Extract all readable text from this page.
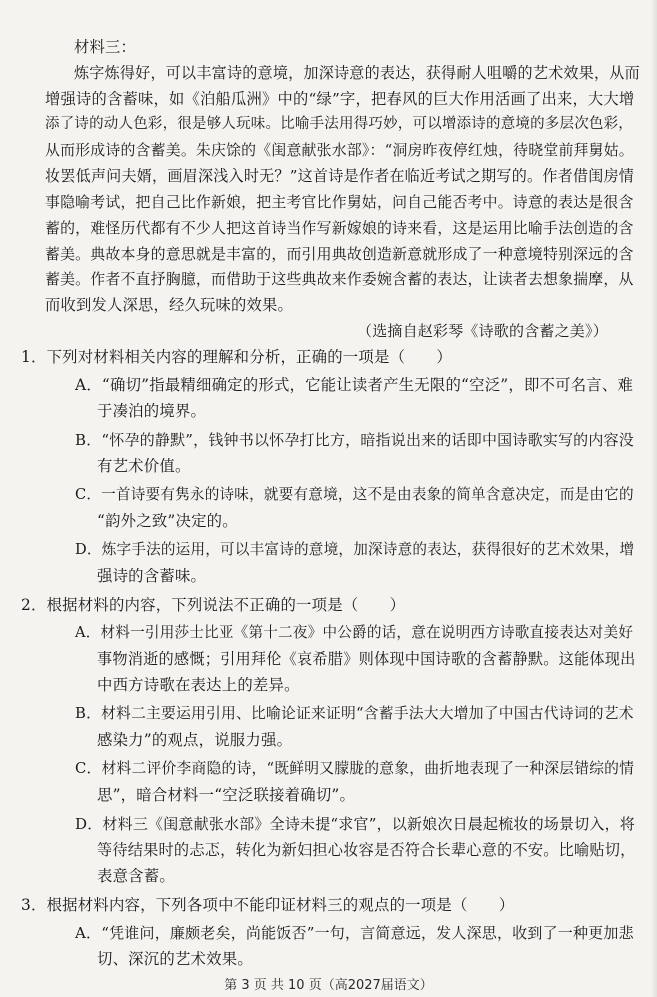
材料三：
炼字炼得好，可以丰富诗的意境，加深诗意的表达，获得耐人咀嚼的艺术效果，从而
增强诗的含蓄味，如《泊船瓜洲》中的“绿”字，把春风的巨大作用活画了出来，大大增
添了诗的动人色彩，很是够人玩味。比喻手法用得巧妙，可以增添诗的意境的多层次色彩，
从而形成诗的含蓄美。朱庆馀的《闺意献张水部》：“洞房昨夜停红烛，待晓堂前拜舅姑。
妆罢低声问夫婿，画眉深浅入时无？”这首诗是作者在临近考试之期写的。作者借闺房情
事隐喻考试，把自己比作新娘，把主考官比作舅姑，问自己能否考中。诗意的表达是很含
蓄的，难怪历代都有不少人把这首诗当作写新嫁娘的诗来看，这是运用比喻手法创造的含
蓄美。典故本身的意思就是丰富的，而引用典故创造新意就形成了一种意境特别深远的含
蓄美。作者不直抒胸臆，而借助于这些典故来作委婉含蓄的表达，让读者去想象揣摩，从
而收到发人深思，经久玩味的效果。
（选摘自赵彩琴《诗歌的含蓄之美》）
1．下列对材料相关内容的理解和分析，正确的一项是（　　）
A．“确切”指最精细确定的形式，它能让读者产生无限的“空泛”，即不可名言、难
于凑泊的境界。
B．“怀孕的静默”，钱钟书以怀孕打比方，暗指说出来的话即中国诗歌实写的内容没
有艺术价值。
C．一首诗要有隽永的诗味，就要有意境，这不是由表象的简单含意决定，而是由它的
“韵外之致”决定的。
D．炼字手法的运用，可以丰富诗的意境，加深诗意的表达，获得很好的艺术效果，增
强诗的含蓄味。
2．根据材料的内容，下列说法不正确的一项是（　　）
A．材料一引用莎士比亚《第十二夜》中公爵的话，意在说明西方诗歌直接表达对美好
事物消逝的感慨；引用拜伦《哀希腊》则体现中国诗歌的含蓄静默。这能体现出
中西方诗歌在表达上的差异。
B．材料二主要运用引用、比喻论证来证明“含蓄手法大大增加了中国古代诗词的艺术
感染力”的观点，说服力强。
C．材料二评价李商隐的诗，“既鲜明又朦胧的意象，曲折地表现了一种深层错综的情
思”，暗合材料一“空泛联接着确切”。
D．材料三《闺意献张水部》全诗未提“求官”，以新娘次日晨起梳妆的场景切入，将
等待结果时的忐忑，转化为新妇担心妆容是否符合长辈心意的不安。比喻贴切，
表意含蓄。
3．根据材料内容，下列各项中不能印证材料三的观点的一项是（　　）
A．“凭谁问，廉颇老矣，尚能饭否”一句，言简意远，发人深思，收到了一种更加悲
切、深沉的艺术效果。
第 3 页 共 10 页（高2027届语文）
